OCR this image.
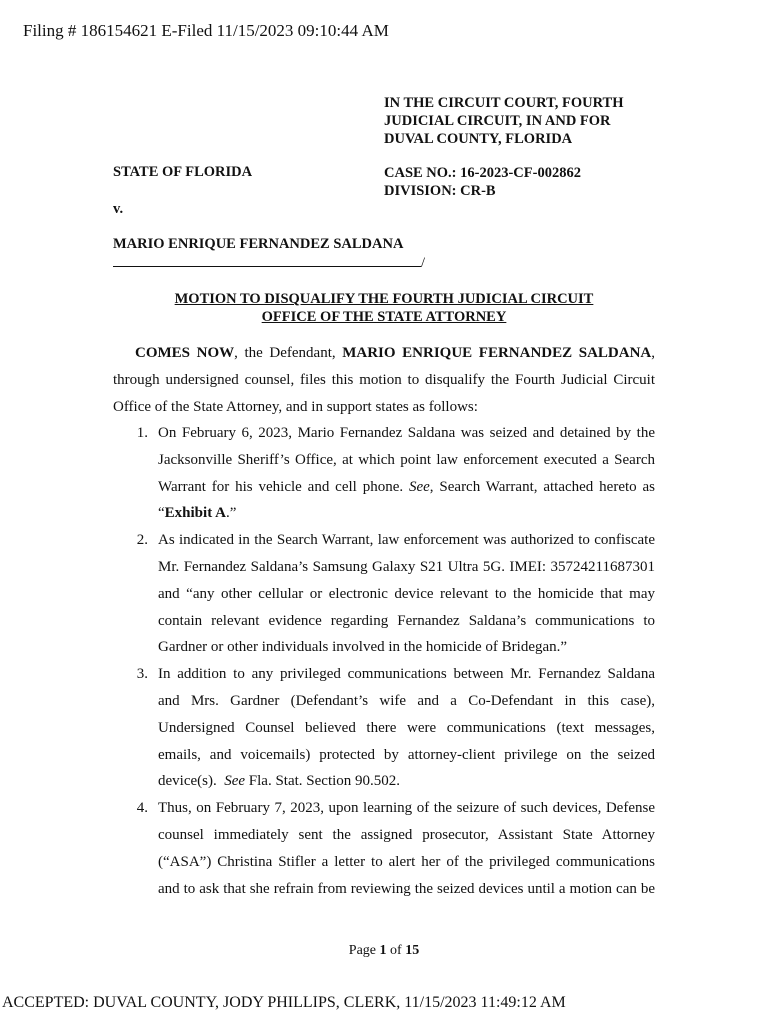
Filing # 186154621 E-Filed 11/15/2023 09:10:44 AM
IN THE CIRCUIT COURT, FOURTH
JUDICIAL CIRCUIT, IN AND FOR
DUVAL COUNTY, FLORIDA
STATE OF FLORIDA	CASE NO.: 16-2023-CF-002862
DIVISION: CR-B
v.
MARIO ENRIQUE FERNANDEZ SALDANA
/
MOTION TO DISQUALIFY THE FOURTH JUDICIAL CIRCUIT
OFFICE OF THE STATE ATTORNEY
COMES NOW, the Defendant, MARIO ENRIQUE FERNANDEZ SALDANA,
through undersigned counsel, files this motion to disqualify the Fourth Judicial Circuit
Office of the State Attorney, and in support states as follows:
1. On February 6, 2023, Mario Fernandez Saldana was seized and detained by the
Jacksonville Sheriff’s Office, at which point law enforcement executed a Search
Warrant for his vehicle and cell phone. See, Search Warrant, attached hereto as
“Exhibit A.”
2. As indicated in the Search Warrant, law enforcement was authorized to confiscate
Mr. Fernandez Saldana’s Samsung Galaxy S21 Ultra 5G. IMEI: 35724211687301
and “any other cellular or electronic device relevant to the homicide that may
contain relevant evidence regarding Fernandez Saldana’s communications to
Gardner or other individuals involved in the homicide of Bridegan.”
3. In addition to any privileged communications between Mr. Fernandez Saldana
and Mrs. Gardner (Defendant’s wife and a Co-Defendant in this case),
Undersigned Counsel believed there were communications (text messages,
emails, and voicemails) protected by attorney-client privilege on the seized
device(s).  See Fla. Stat. Section 90.502.
4. Thus, on February 7, 2023, upon learning of the seizure of such devices, Defense
counsel immediately sent the assigned prosecutor, Assistant State Attorney
(“ASA”) Christina Stifler a letter to alert her of the privileged communications
and to ask that she refrain from reviewing the seized devices until a motion can be
Page 1 of 15
ACCEPTED: DUVAL COUNTY, JODY PHILLIPS, CLERK, 11/15/2023 11:49:12 AM
